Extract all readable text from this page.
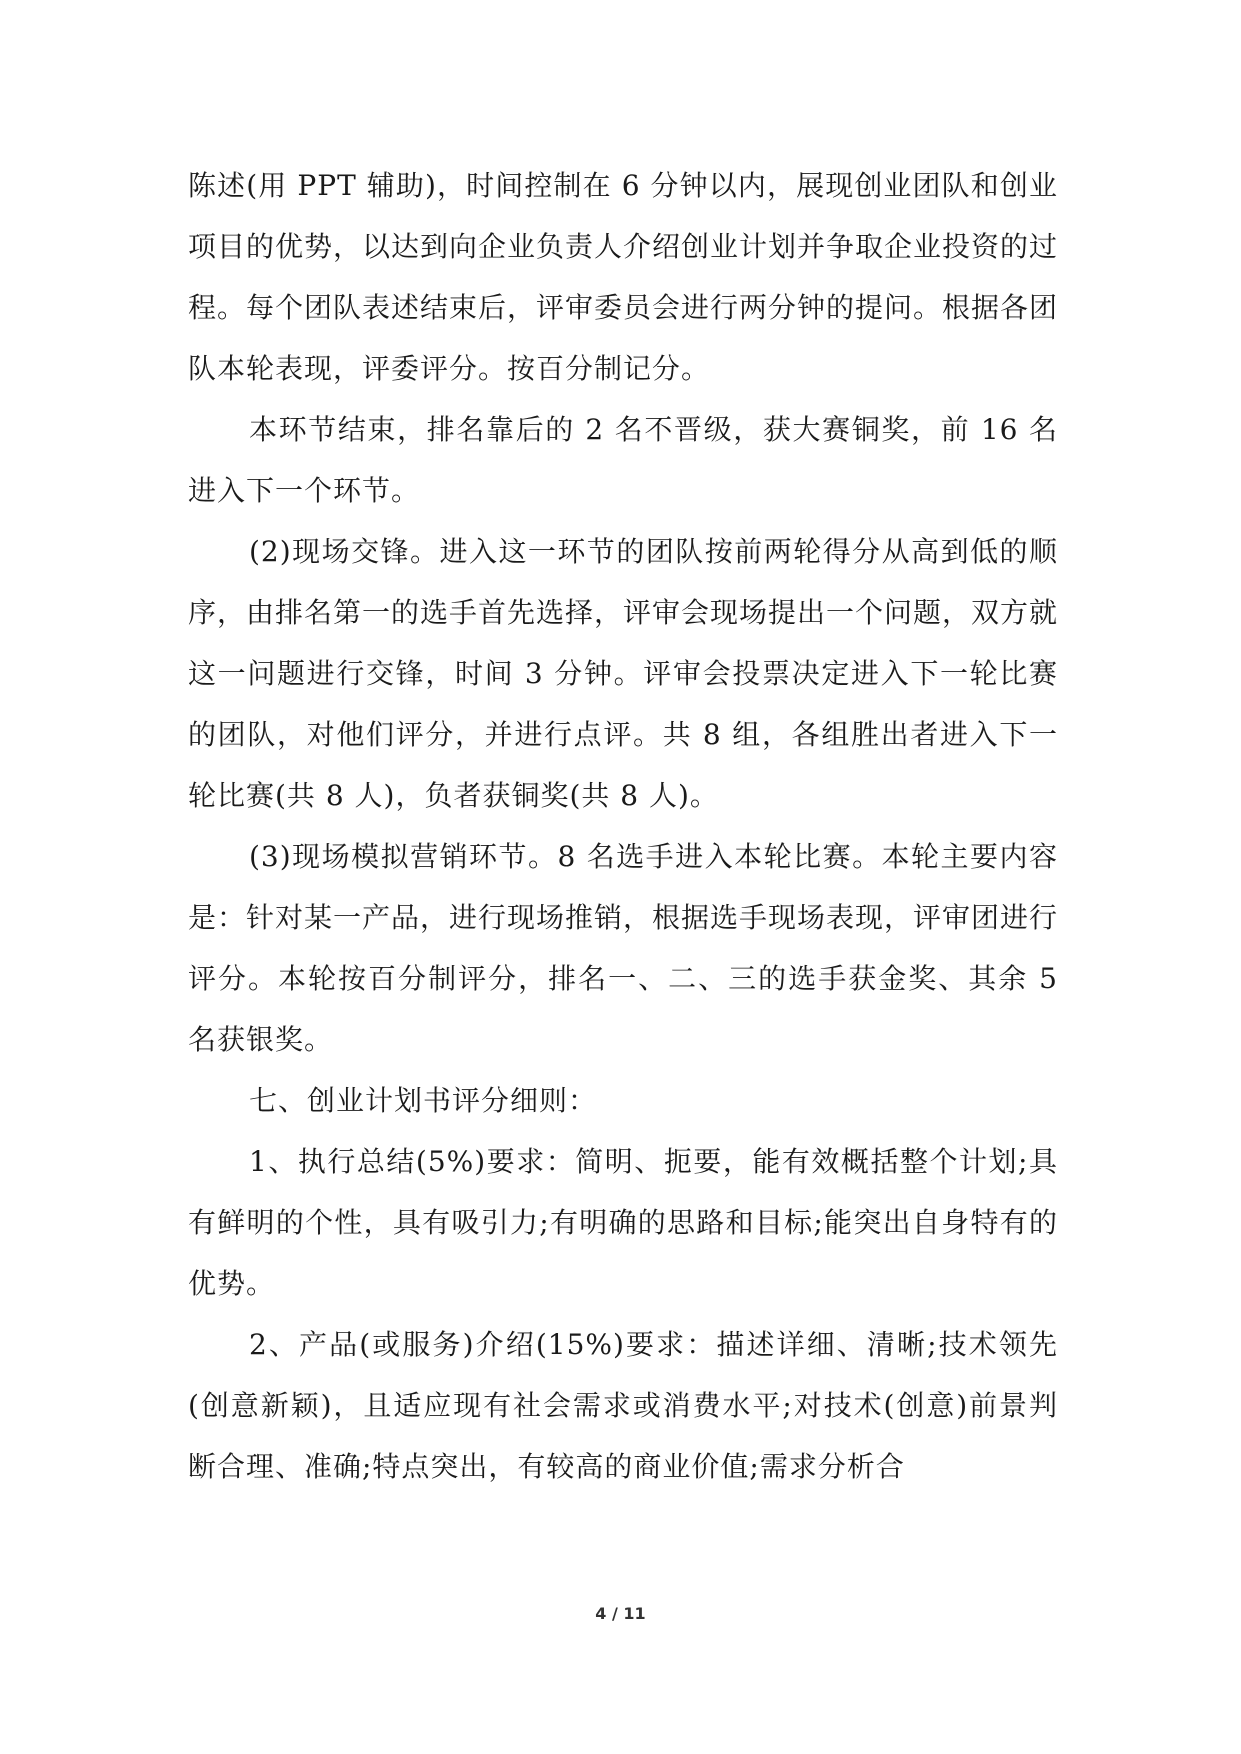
陈述(用 PPT 辅助)，时间控制在 6 分钟以内，展现创业团队和创业项目的优势，以达到向企业负责人介绍创业计划并争取企业投资的过程。每个团队表述结束后，评审委员会进行两分钟的提问。根据各团队本轮表现，评委评分。按百分制记分。

本环节结束，排名靠后的 2 名不晋级，获大赛铜奖，前 16 名进入下一个环节。

(2)现场交锋。进入这一环节的团队按前两轮得分从高到低的顺序，由排名第一的选手首先选择，评审会现场提出一个问题，双方就这一问题进行交锋，时间 3 分钟。评审会投票决定进入下一轮比赛的团队，对他们评分，并进行点评。共 8 组，各组胜出者进入下一轮比赛(共 8 人)，负者获铜奖(共 8 人)。

(3)现场模拟营销环节。8 名选手进入本轮比赛。本轮主要内容是：针对某一产品，进行现场推销，根据选手现场表现，评审团进行评分。本轮按百分制评分，排名一、二、三的选手获金奖、其余 5 名获银奖。

七、创业计划书评分细则：

1、执行总结(5%)要求：简明、扼要，能有效概括整个计划;具有鲜明的个性，具有吸引力;有明确的思路和目标;能突出自身特有的优势。

2、产品(或服务)介绍(15%)要求：描述详细、清晰;技术领先(创意新颖)，且适应现有社会需求或消费水平;对技术(创意)前景判断合理、准确;特点突出，有较高的商业价值;需求分析合

4 / 11
